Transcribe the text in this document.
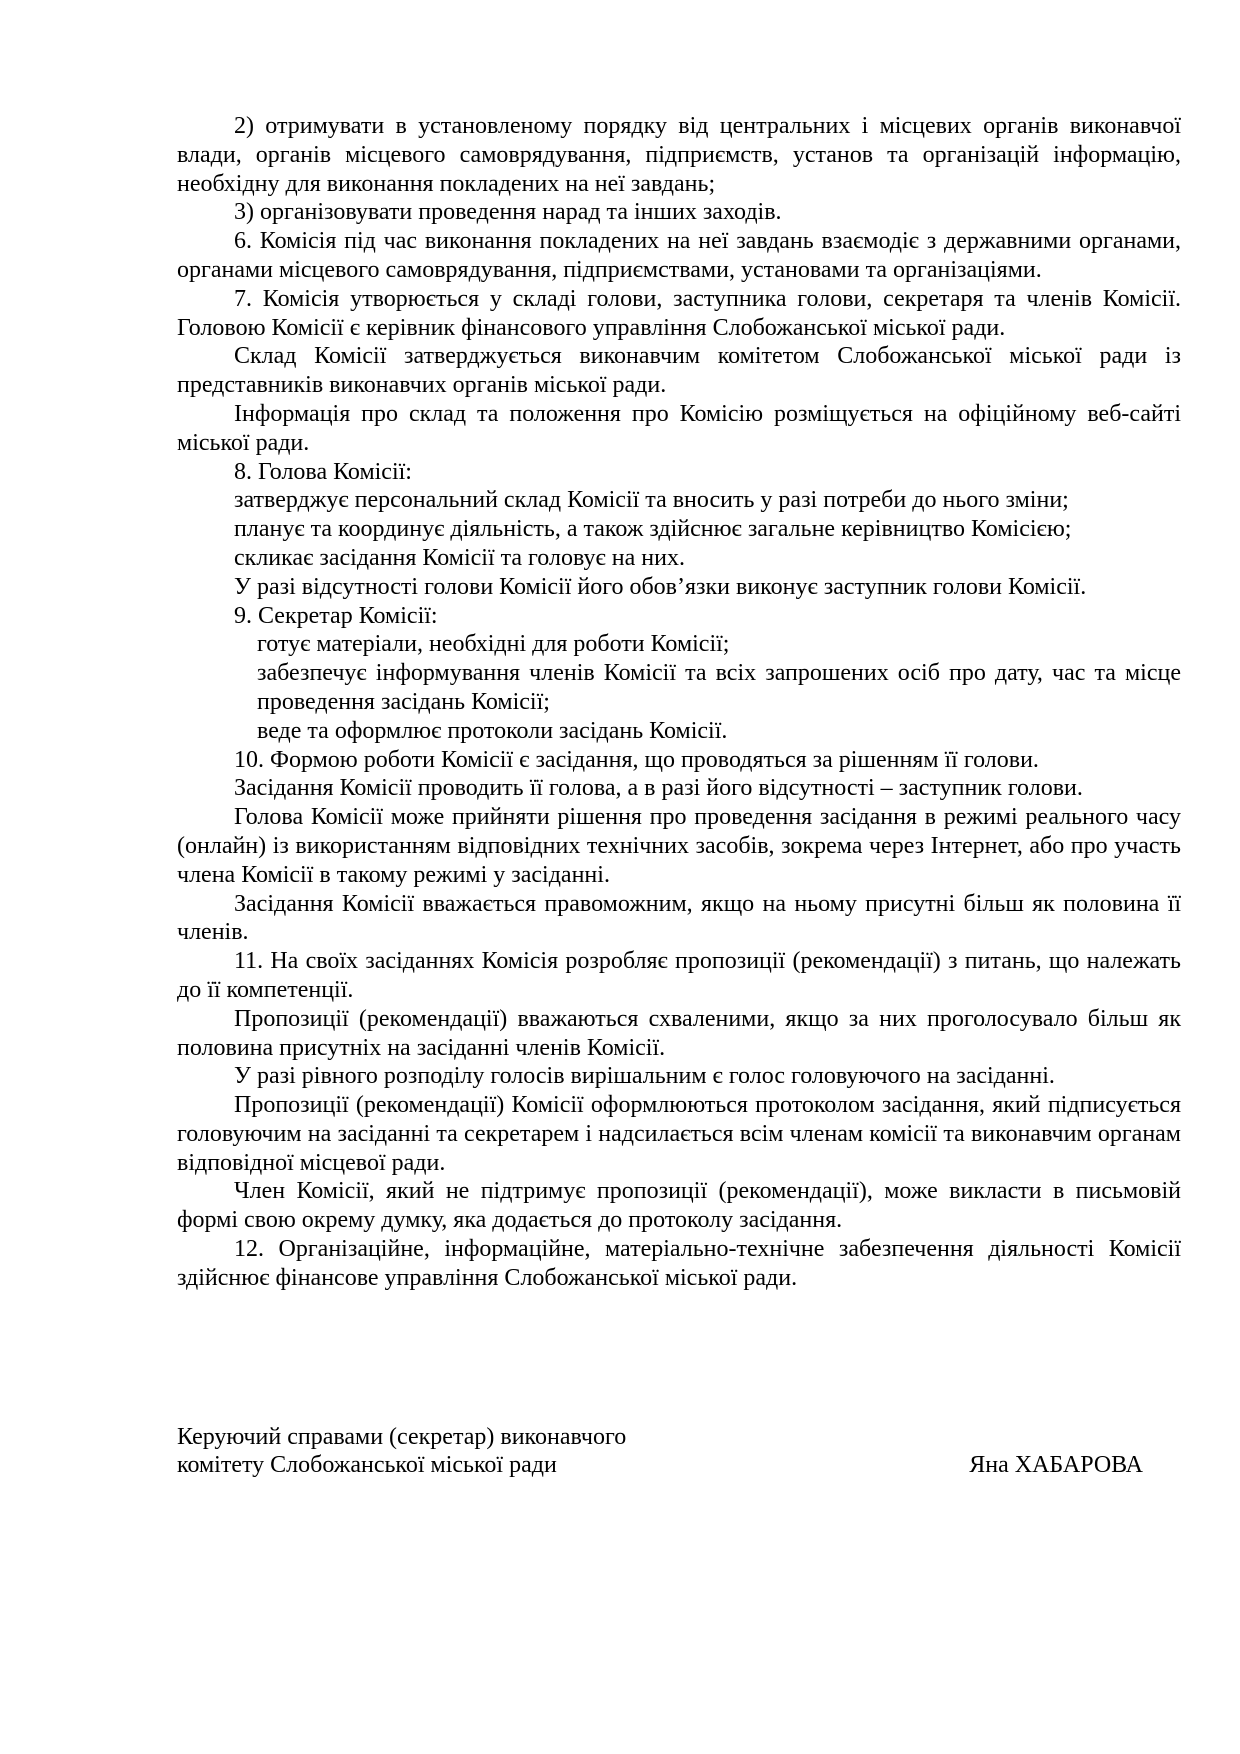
2) отримувати в установленому порядку від центральних і місцевих органів виконавчої влади, органів місцевого самоврядування, підприємств, установ та організацій інформацію, необхідну для виконання покладених на неї завдань;

3) організовувати проведення нарад та інших заходів.

6. Комісія під час виконання покладених на неї завдань взаємодіє з державними органами, органами місцевого самоврядування, підприємствами, установами та організаціями.

7. Комісія утворюється у складі голови, заступника голови, секретаря та членів Комісії. Головою Комісії є керівник фінансового управління Слобожанської міської ради.

Склад Комісії затверджується виконавчим комітетом Слобожанської міської ради із представників виконавчих органів міської ради.

Інформація про склад та положення про Комісію розміщується на офіційному веб-сайті міської ради.

8. Голова Комісії:

затверджує персональний склад Комісії та вносить у разі потреби до нього зміни;

планує та координує діяльність, а також здійснює загальне керівництво Комісією;

скликає засідання Комісії та головує на них.

У разі відсутності голови Комісії його обов’язки виконує заступник голови Комісії.

9. Секретар Комісії:

готує матеріали, необхідні для роботи Комісії;

забезпечує інформування членів Комісії та всіх запрошених осіб про дату, час та місце проведення засідань Комісії;

веде та оформлює протоколи засідань Комісії.

10. Формою роботи Комісії є засідання, що проводяться за рішенням її голови.

Засідання Комісії проводить її голова, а в разі його відсутності – заступник голови.

Голова Комісії може прийняти рішення про проведення засідання в режимі реального часу (онлайн) із використанням відповідних технічних засобів, зокрема через Інтернет, або про участь члена Комісії в такому режимі у засіданні.

Засідання Комісії вважається правоможним, якщо на ньому присутні більш як половина її членів.

11. На своїх засіданнях Комісія розробляє пропозиції (рекомендації) з питань, що належать до її компетенції.

Пропозиції (рекомендації) вважаються схваленими, якщо за них проголосувало більш як половина присутніх на засіданні членів Комісії.

У разі рівного розподілу голосів вирішальним є голос головуючого на засіданні.

Пропозиції (рекомендації) Комісії оформлюються протоколом засідання, який підписується головуючим на засіданні та секретарем і надсилається всім членам комісії та виконавчим органам відповідної місцевої ради.

Член Комісії, який не підтримує пропозиції (рекомендації), може викласти в письмовій формі свою окрему думку, яка додається до протоколу засідання.

12. Організаційне, інформаційне, матеріально-технічне забезпечення діяльності Комісії здійснює фінансове управління Слобожанської міської ради.

Керуючий справами (секретар) виконавчого
комітету Слобожанської міської ради	Яна ХАБАРОВА
